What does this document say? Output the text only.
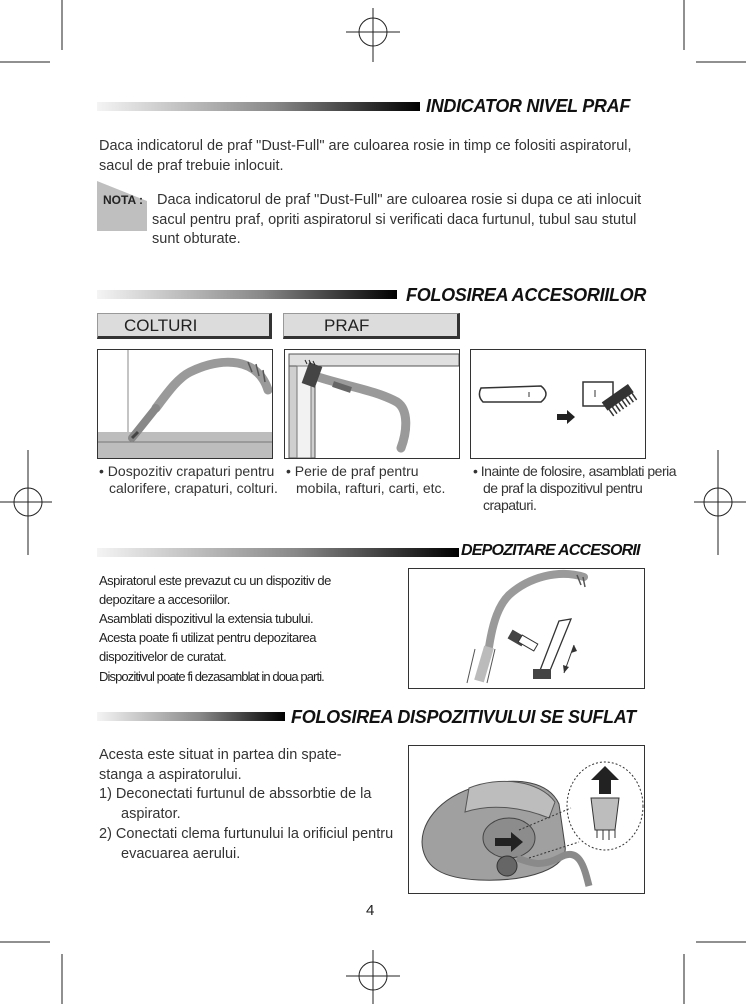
INDICATOR NIVEL PRAF
Daca indicatorul de praf "Dust-Full" are culoarea rosie in timp ce folositi aspiratorul, sacul de praf trebuie inlocuit.
NOTA : Daca indicatorul de praf "Dust-Full" are culoarea rosie si dupa ce ati inlocuit sacul pentru praf, opriti aspiratorul si verificati daca furtunul, tubul sau stutul sunt obturate.
FOLOSIREA ACCESORIILOR
COLTURI	PRAF
• Dospozitiv crapaturi pentru calorifere, crapaturi, colturi.
• Perie de praf pentru mobila, rafturi, carti, etc.
• Inainte de folosire, asamblati peria de praf la dispozitivul pentru crapaturi.
DEPOZITARE ACCESORII
Aspiratorul este prevazut cu un dispozitiv de
depozitare a accesoriilor.
Asamblati dispozitivul la extensia tubului.
Acesta poate fi utilizat pentru depozitarea
dispozitivelor de curatat.
Dispozitivul poate fi dezasamblat in doua parti.
FOLOSIREA DISPOZITIVULUI SE SUFLAT
Acesta este situat in partea din spate-stanga a aspiratorului.
1) Deconectati furtunul de abssorbtie de la aspirator.
2) Conectati clema furtunului la orificiul pentru evacuarea aerului.
4
